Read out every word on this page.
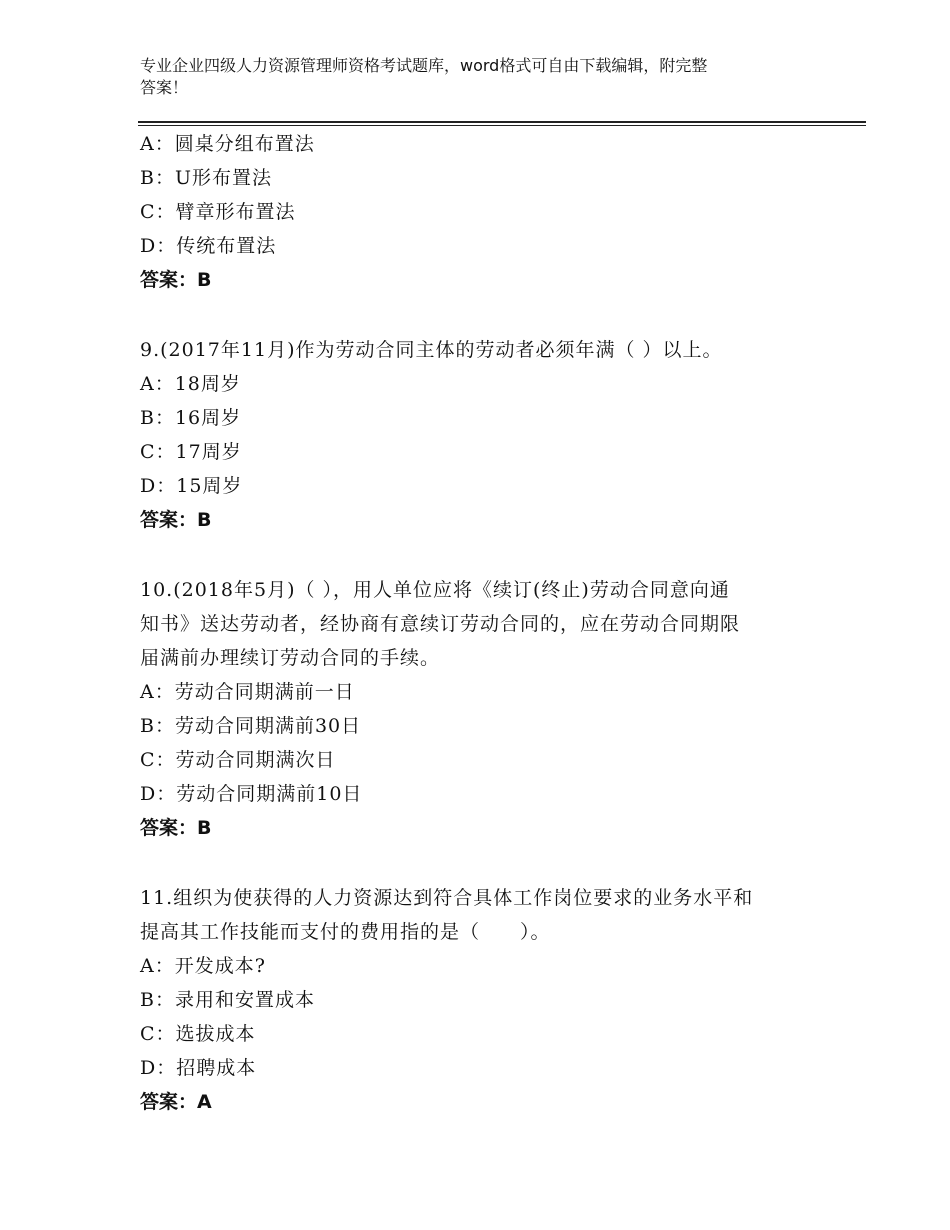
专业企业四级人力资源管理师资格考试题库，word格式可自由下载编辑，附完整
答案！
A：圆桌分组布置法
B：U形布置法
C：臂章形布置法
D：传统布置法
答案：B
9.(2017年11月)作为劳动合同主体的劳动者必须年满（ ）以上。
A：18周岁
B：16周岁
C：17周岁
D：15周岁
答案：B
10.(2018年5月)（ ），用人单位应将《续订(终止)劳动合同意向通
知书》送达劳动者，经协商有意续订劳动合同的，应在劳动合同期限
届满前办理续订劳动合同的手续。
A：劳动合同期满前一日
B：劳动合同期满前30日
C：劳动合同期满次日
D：劳动合同期满前10日
答案：B
11.组织为使获得的人力资源达到符合具体工作岗位要求的业务水平和
提高其工作技能而支付的费用指的是（　　）。
A：开发成本?
B：录用和安置成本
C：选拔成本
D：招聘成本
答案：A
